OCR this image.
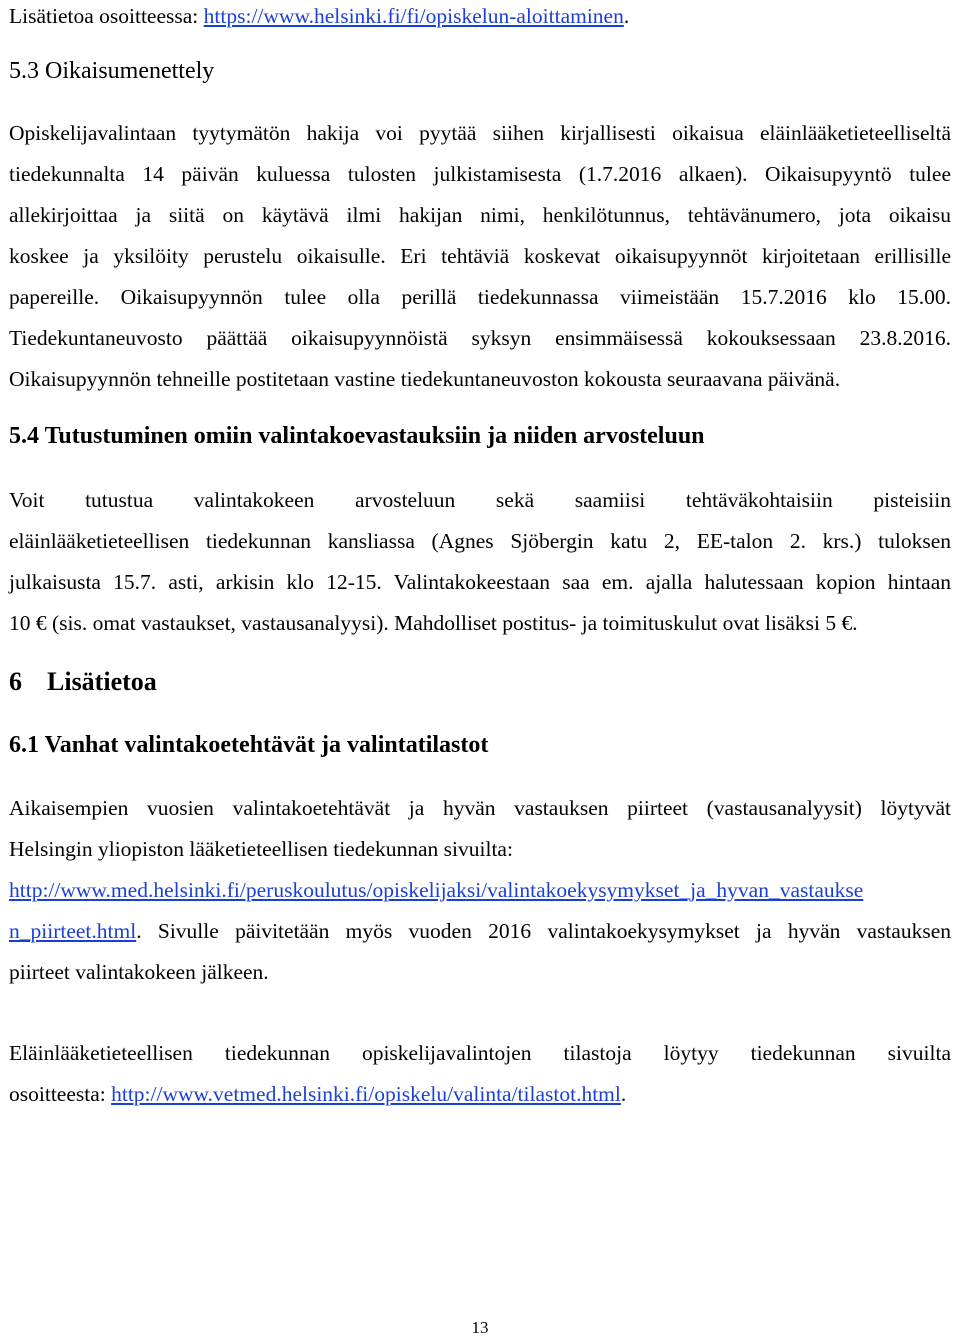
Lisätietoa osoitteessa: https://www.helsinki.fi/fi/opiskelun-aloittaminen.

5.3 Oikaisumenettely
Opiskelijavalintaan tyytymätön hakija voi pyytää siihen kirjallisesti oikaisua eläinlääketieteelliseltä
tiedekunnalta 14 päivän kuluessa tulosten julkistamisesta (1.7.2016 alkaen). Oikaisupyyntö tulee
allekirjoittaa ja siitä on käytävä ilmi hakijan nimi, henkilötunnus, tehtävänumero, jota oikaisu
koskee ja yksilöity perustelu oikaisulle. Eri tehtäviä koskevat oikaisupyynnöt kirjoitetaan erillisille
papereille. Oikaisupyynnön tulee olla perillä tiedekunnassa viimeistään 15.7.2016 klo 15.00.
Tiedekuntaneuvosto päättää oikaisupyynnöistä syksyn ensimmäisessä kokouksessaan 23.8.2016.
Oikaisupyynnön tehneille postitetaan vastine tiedekuntaneuvoston kokousta seuraavana päivänä.
5.4 Tutustuminen omiin valintakoevastauksiin ja niiden arvosteluun
Voit tutustua valintakokeen arvosteluun sekä saamiisi tehtäväkohtaisiin pisteisiin
eläinlääketieteellisen tiedekunnan kansliassa (Agnes Sjöbergin katu 2, EE-talon 2. krs.) tuloksen
julkaisusta 15.7. asti, arkisin klo 12-15. Valintakokeestaan saa em. ajalla halutessaan kopion hintaan
10 € (sis. omat vastaukset, vastausanalyysi). Mahdolliset postitus- ja toimituskulut ovat lisäksi 5 €.
6 Lisätietoa
6.1 Vanhat valintakoetehtävät ja valintatilastot
Aikaisempien vuosien valintakoetehtävät ja hyvän vastauksen piirteet (vastausanalyysit) löytyvät
Helsingin yliopiston lääketieteellisen tiedekunnan sivuilta:
http://www.med.helsinki.fi/peruskoulutus/opiskelijaksi/valintakoekysymykset_ja_hyvan_vastaukse
n_piirteet.html. Sivulle päivitetään myös vuoden 2016 valintakoekysymykset ja hyvän vastauksen
piirteet valintakokeen jälkeen.
Eläinlääketieteellisen tiedekunnan opiskelijavalintojen tilastoja löytyy tiedekunnan sivuilta
osoitteesta: http://www.vetmed.helsinki.fi/opiskelu/valinta/tilastot.html.
13
